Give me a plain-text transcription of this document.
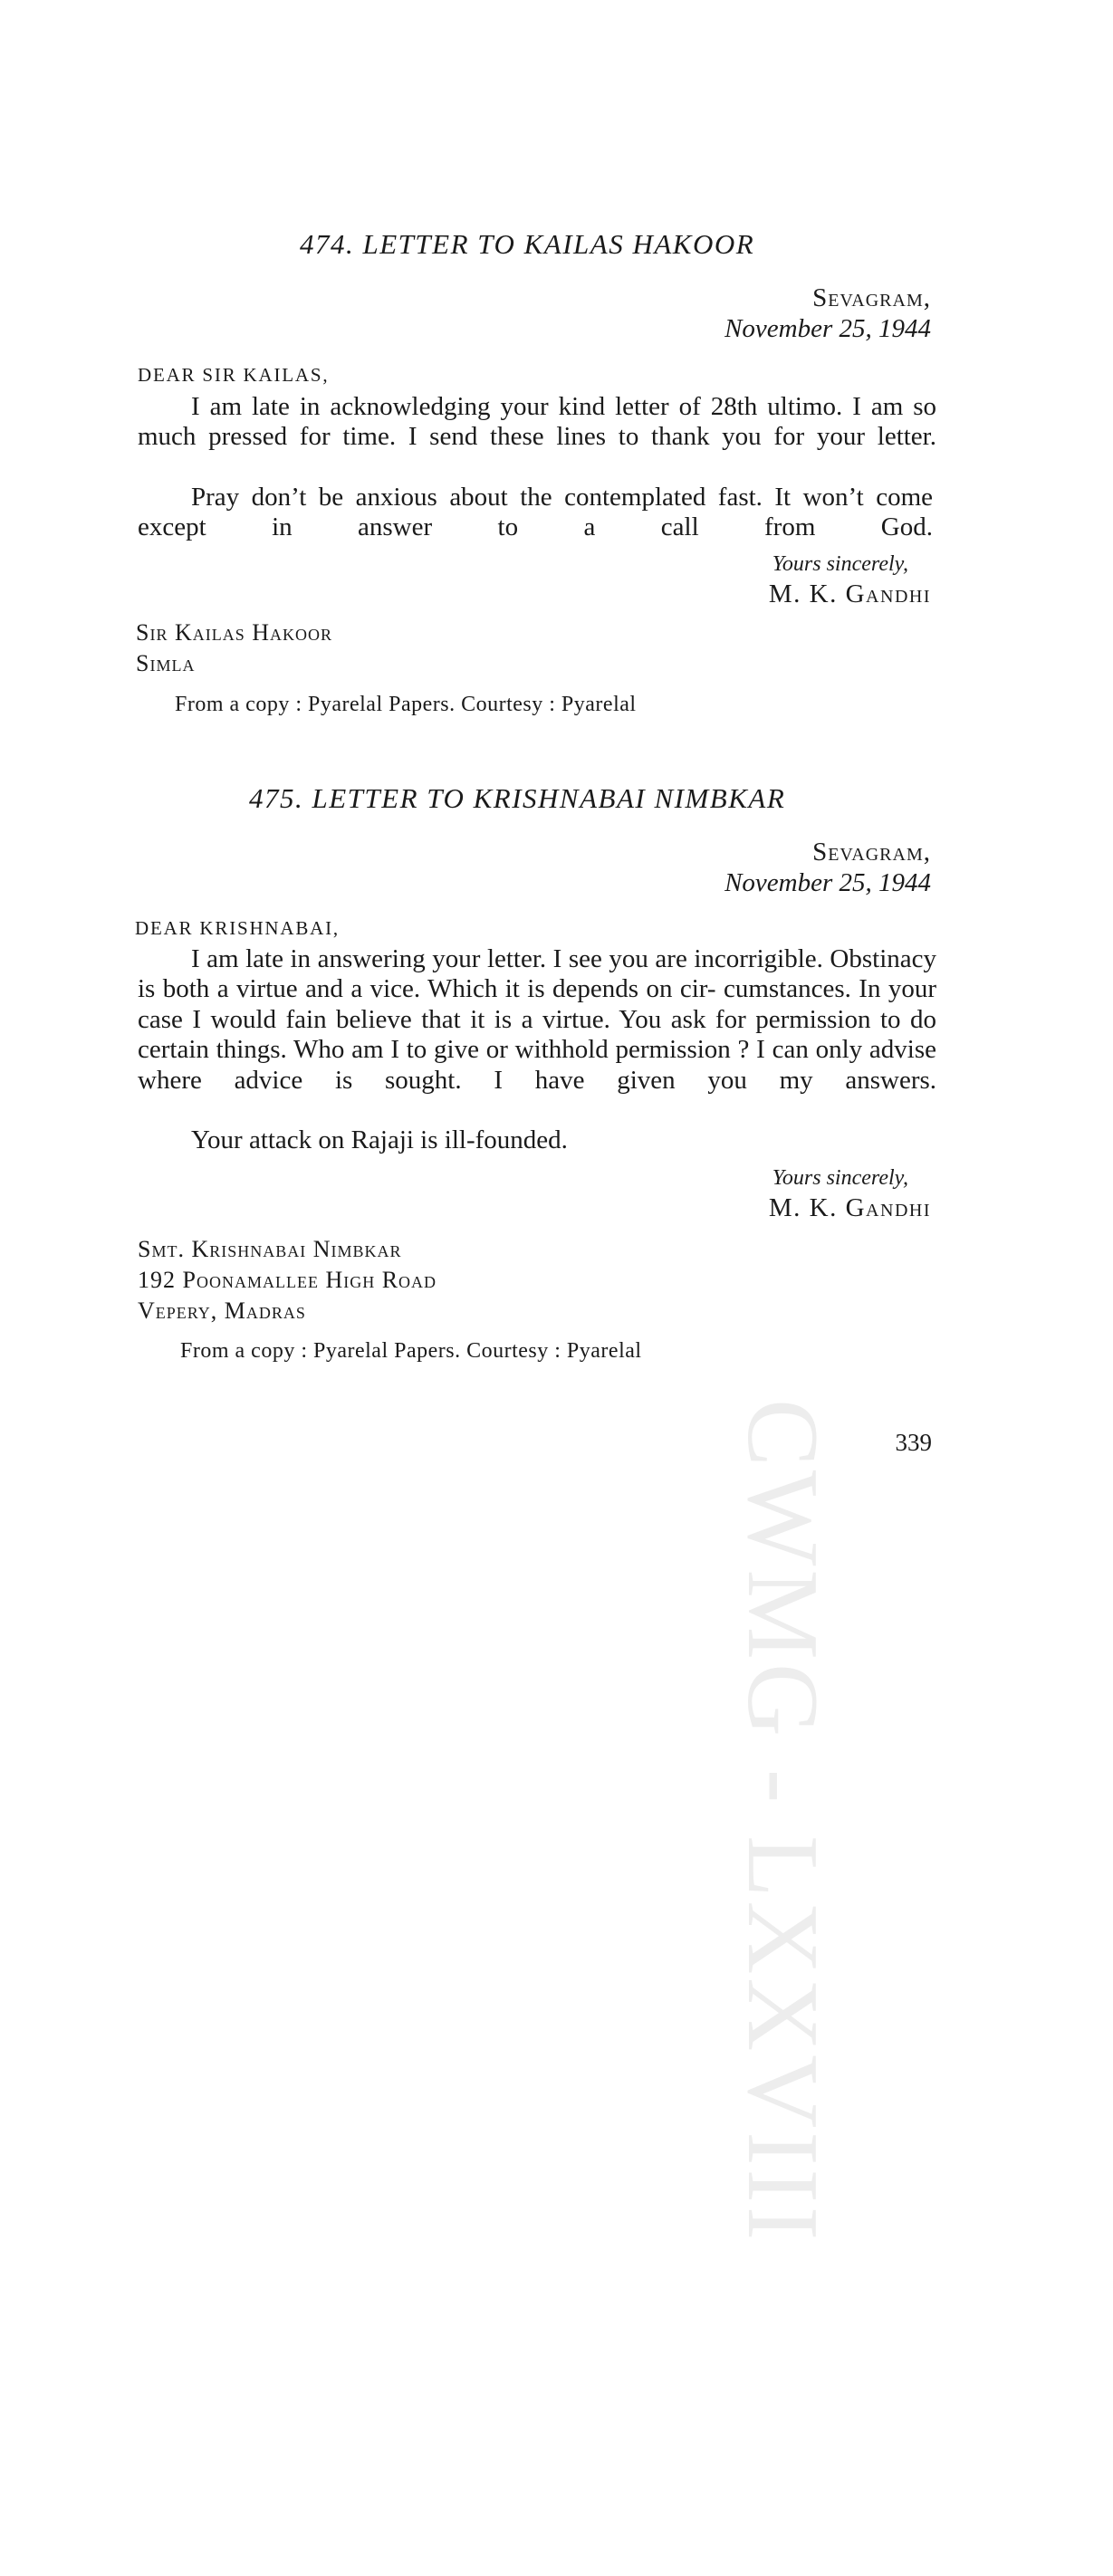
CWMG - LXXVIII
474. LETTER TO KAILAS HAKOOR
Sevagram,
November 25, 1944
DEAR SIR KAILAS,
I am late in acknowledging your kind letter of 28th ultimo. I am so much pressed for time. I send these lines to thank you for your letter.
Pray don’t be anxious about the contemplated fast. It won’t come except in answer to a call from God.
Yours sincerely,
M. K. Gandhi
Sir Kailas Hakoor
Simla
From a copy : Pyarelal Papers. Courtesy : Pyarelal
475. LETTER TO KRISHNABAI NIMBKAR
Sevagram,
November 25, 1944
DEAR KRISHNABAI,
I am late in answering your letter. I see you are incorrigible. Obstinacy is both a virtue and a vice. Which it is depends on cir- cumstances. In your case I would fain believe that it is a virtue. You ask for permission to do certain things. Who am I to give or withhold permission ? I can only advise where advice is sought. I have given you my answers.
Your attack on Rajaji is ill-founded.
Yours sincerely,
M. K. Gandhi
Smt. Krishnabai Nimbkar
192 Poonamallee High Road
Vepery, Madras
From a copy : Pyarelal Papers. Courtesy : Pyarelal
339
